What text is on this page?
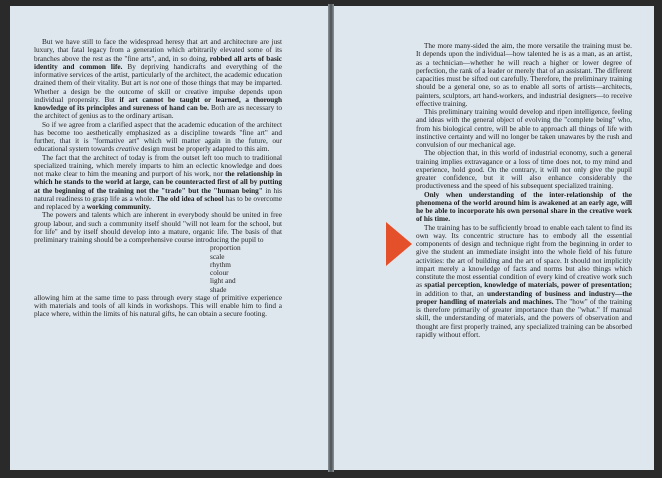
But we have still to face the widespread heresy that art and architecture are just luxury, that fatal legacy from a generation which arbitrarily elevated some of its branches above the rest as the "fine arts", and, in so doing, robbed all arts of basic identity and common life. By depriving handicrafts and everything of the informative services of the artist, particularly of the architect, the academic education drained them of their vitality. But art is not one of those things that may be imparted. Whether a design be the outcome of skill or creative impulse depends upon individual propensity. But if art cannot be taught or learned, a thorough knowledge of its principles and sureness of hand can be. Both are as necessary to the architect of genius as to the ordinary artisan.

So if we agree from a clarified aspect that the academic education of the architect has become too aesthetically emphasized as a discipline towards "fine art" and further, that it is "formative art" which will matter again in the future, our educational system towards creative design must be properly adapted to this aim.

The fact that the architect of today is from the outset left too much to traditional specialized training, which merely imparts to him an eclectic knowledge and does not make clear to him the meaning and purport of his work, nor the relationship in which he stands to the world at large, can be counteracted first of all by putting at the beginning of the training not the "trade" but the "human being" in his natural readiness to grasp life as a whole. The old idea of school has to be overcome and replaced by a working community.

The powers and talents which are inherent in everybody should be united in free group labour, and such a community itself should "will not learn for the school, but for life" and by itself should develop into a mature, organic life. The basis of that preliminary training should be a comprehensive course introducing the pupil to

proportion
scale
rhythm
colour
light and
shade

allowing him at the same time to pass through every stage of primitive experience with materials and tools of all kinds in workshops. This will enable him to find a place where, within the limits of his natural gifts, he can obtain a secure footing.

The more many-sided the aim, the more versatile the training must be. It depends upon the individual—how talented he is as a man, as an artist, as a technician—whether he will reach a higher or lower degree of perfection, the rank of a leader or merely that of an assistant. The different capacities must be sifted out carefully. Therefore, the preliminary training should be a general one, so as to enable all sorts of artists—architects, painters, sculptors, art hand-workers, and industrial designers—to receive effective training.

This preliminary training would develop and ripen intelligence, feeling and ideas with the general object of evolving the "complete being" who, from his biological centre, will be able to approach all things of life with instinctive certainty and will no longer be taken unawares by the rush and convulsion of our mechanical age.

The objection that, in this world of industrial economy, such a general training implies extravagance or a loss of time does not, to my mind and experience, hold good. On the contrary, it will not only give the pupil greater confidence, but it will also enhance considerably the productiveness and the speed of his subsequent specialized training.

Only when understanding of the inter-relationship of the phenomena of the world around him is awakened at an early age, will he be able to incorporate his own personal share in the creative work of his time.

The training has to be sufficiently broad to enable each talent to find its own way. Its concentric structure has to embody all the essential components of design and technique right from the beginning in order to give the student an immediate insight into the whole field of his future activities: the art of building and the art of space. It should not implicitly impart merely a knowledge of facts and norms but also things which constitute the most essential condition of every kind of creative work such as spatial perception, knowledge of materials, power of presentation; in addition to that, an understanding of business and industry—the proper handling of materials and machines. The "how" of the training is therefore primarily of greater importance than the "what." If manual skill, the understanding of materials, and the powers of observation and thought are first properly trained, any specialized training can be absorbed rapidly without effort.
